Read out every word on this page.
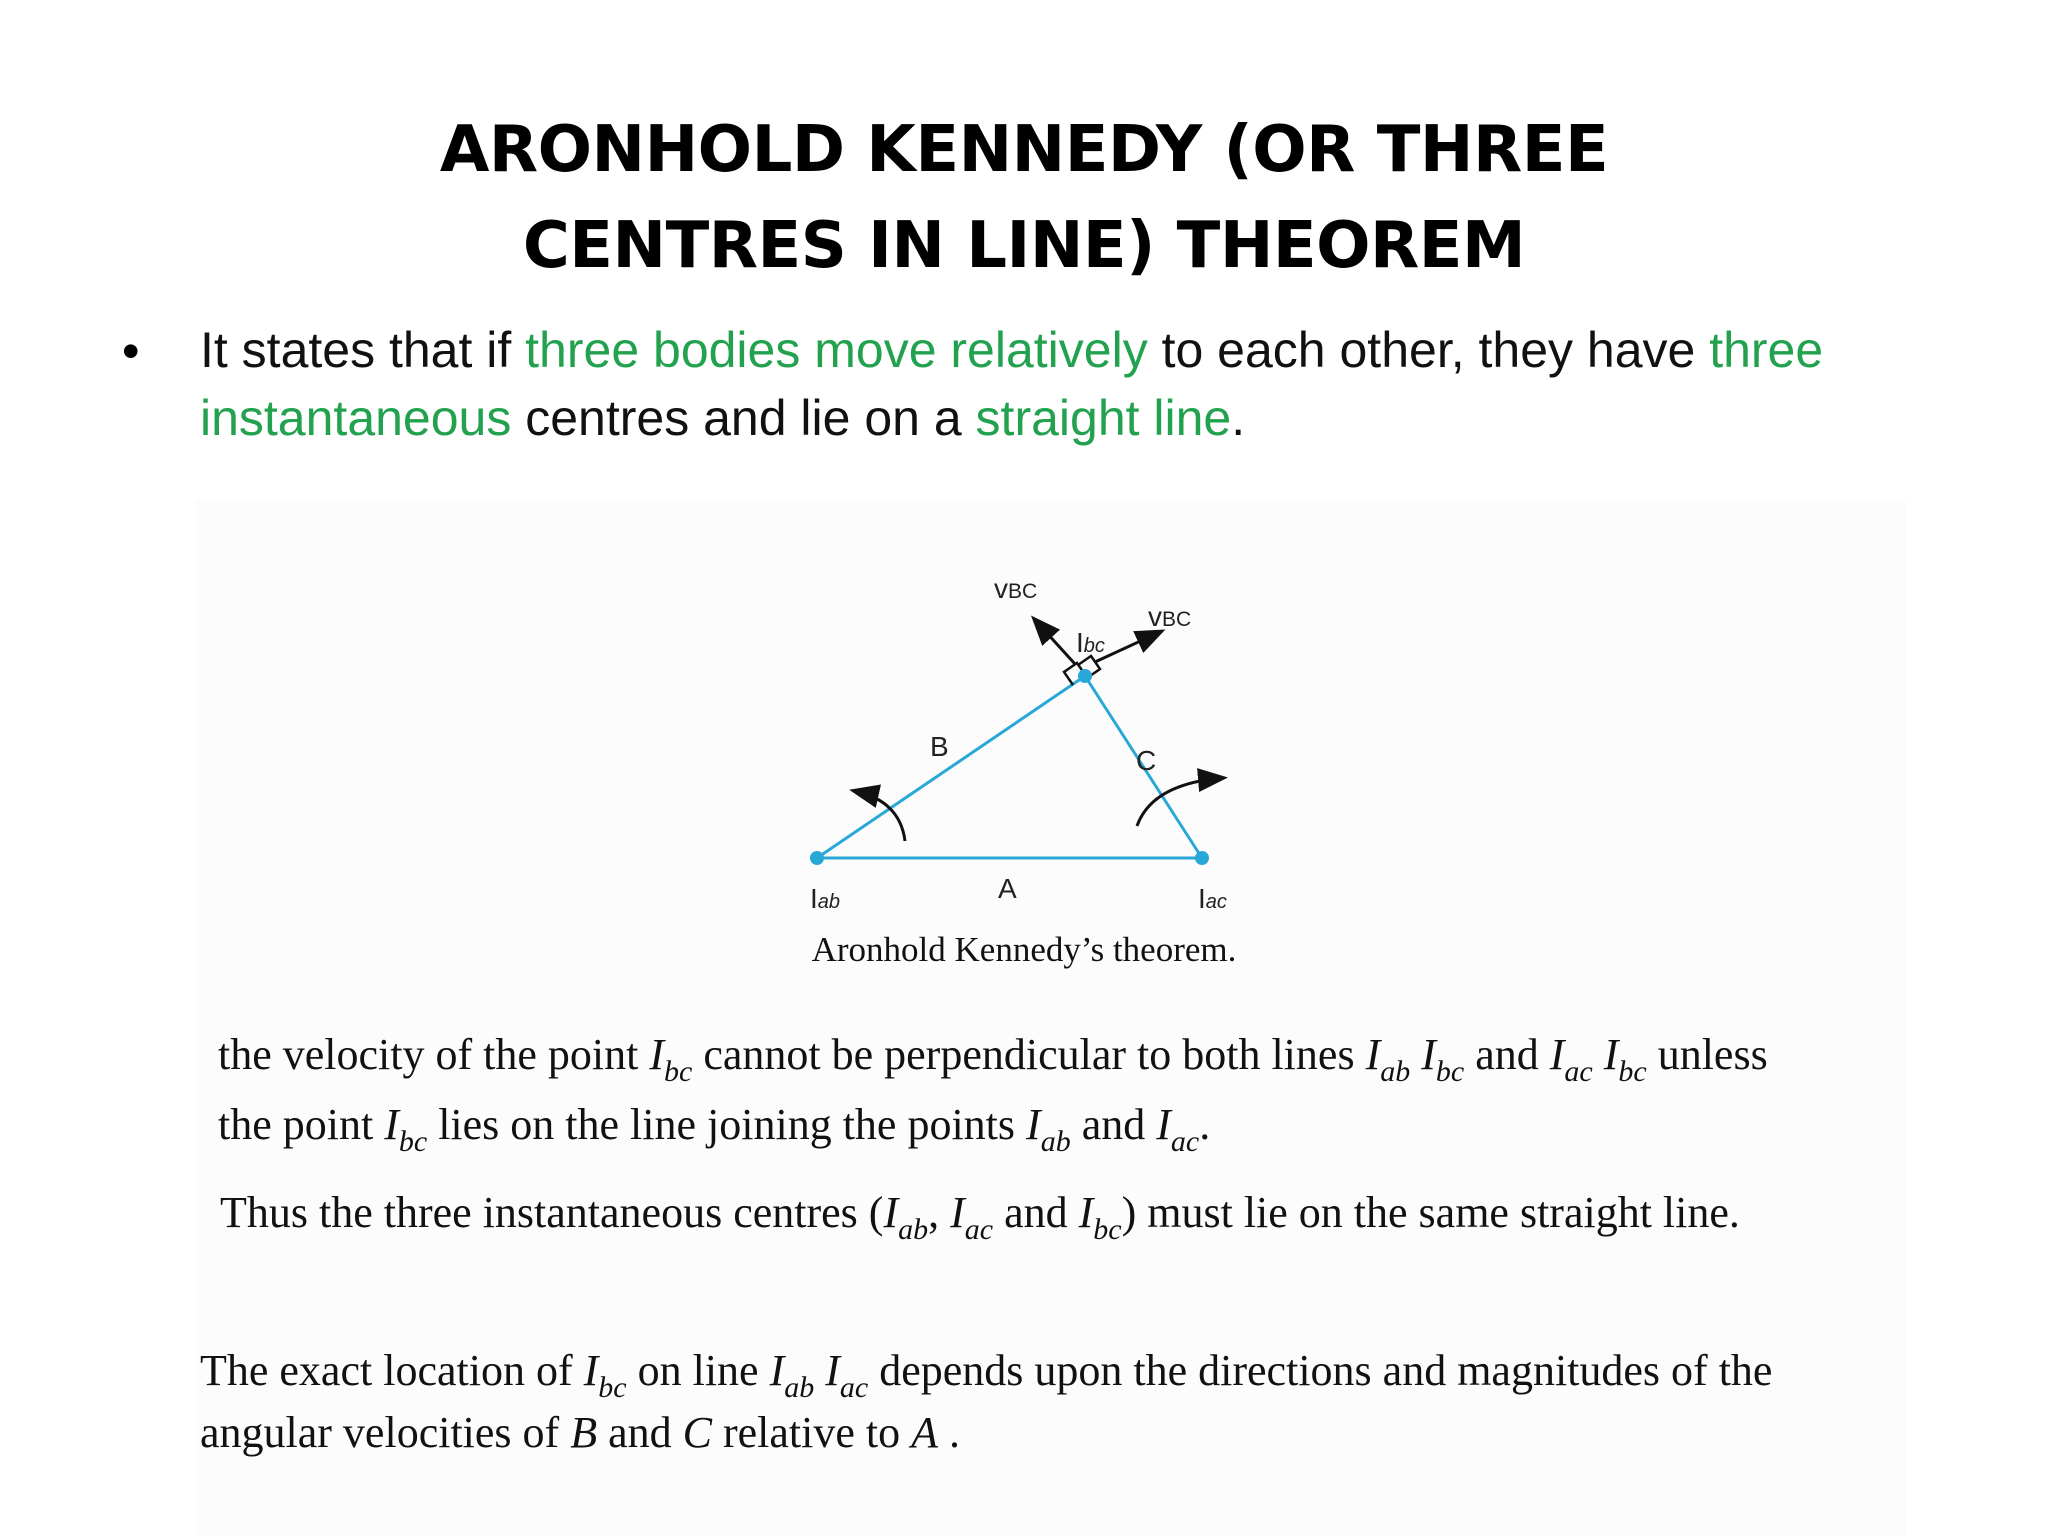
ARONHOLD KENNEDY (OR THREE
CENTRES IN LINE) THEOREM
• It states that if three bodies move relatively to each other, they have three instantaneous centres and lie on a straight line.
vBC
vBC
Ibc
B	C
A
Iab	Iac
Aronhold Kennedy’s theorem.
the velocity of the point $I_{bc}$ cannot be perpendicular to both lines $I_{ab}$ $I_{bc}$ and $I_{ac}$ $I_{bc}$ unless
the point $I_{bc}$ lies on the line joining the points $I_{ab}$ and $I_{ac}$.
Thus the three instantaneous centres ($I_{ab}$, $I_{ac}$ and $I_{bc}$) must lie on the same straight line.
The exact location of $I_{bc}$ on line $I_{ab}$ $I_{ac}$ depends upon the directions and magnitudes of the
angular velocities of B and C relative to A .
